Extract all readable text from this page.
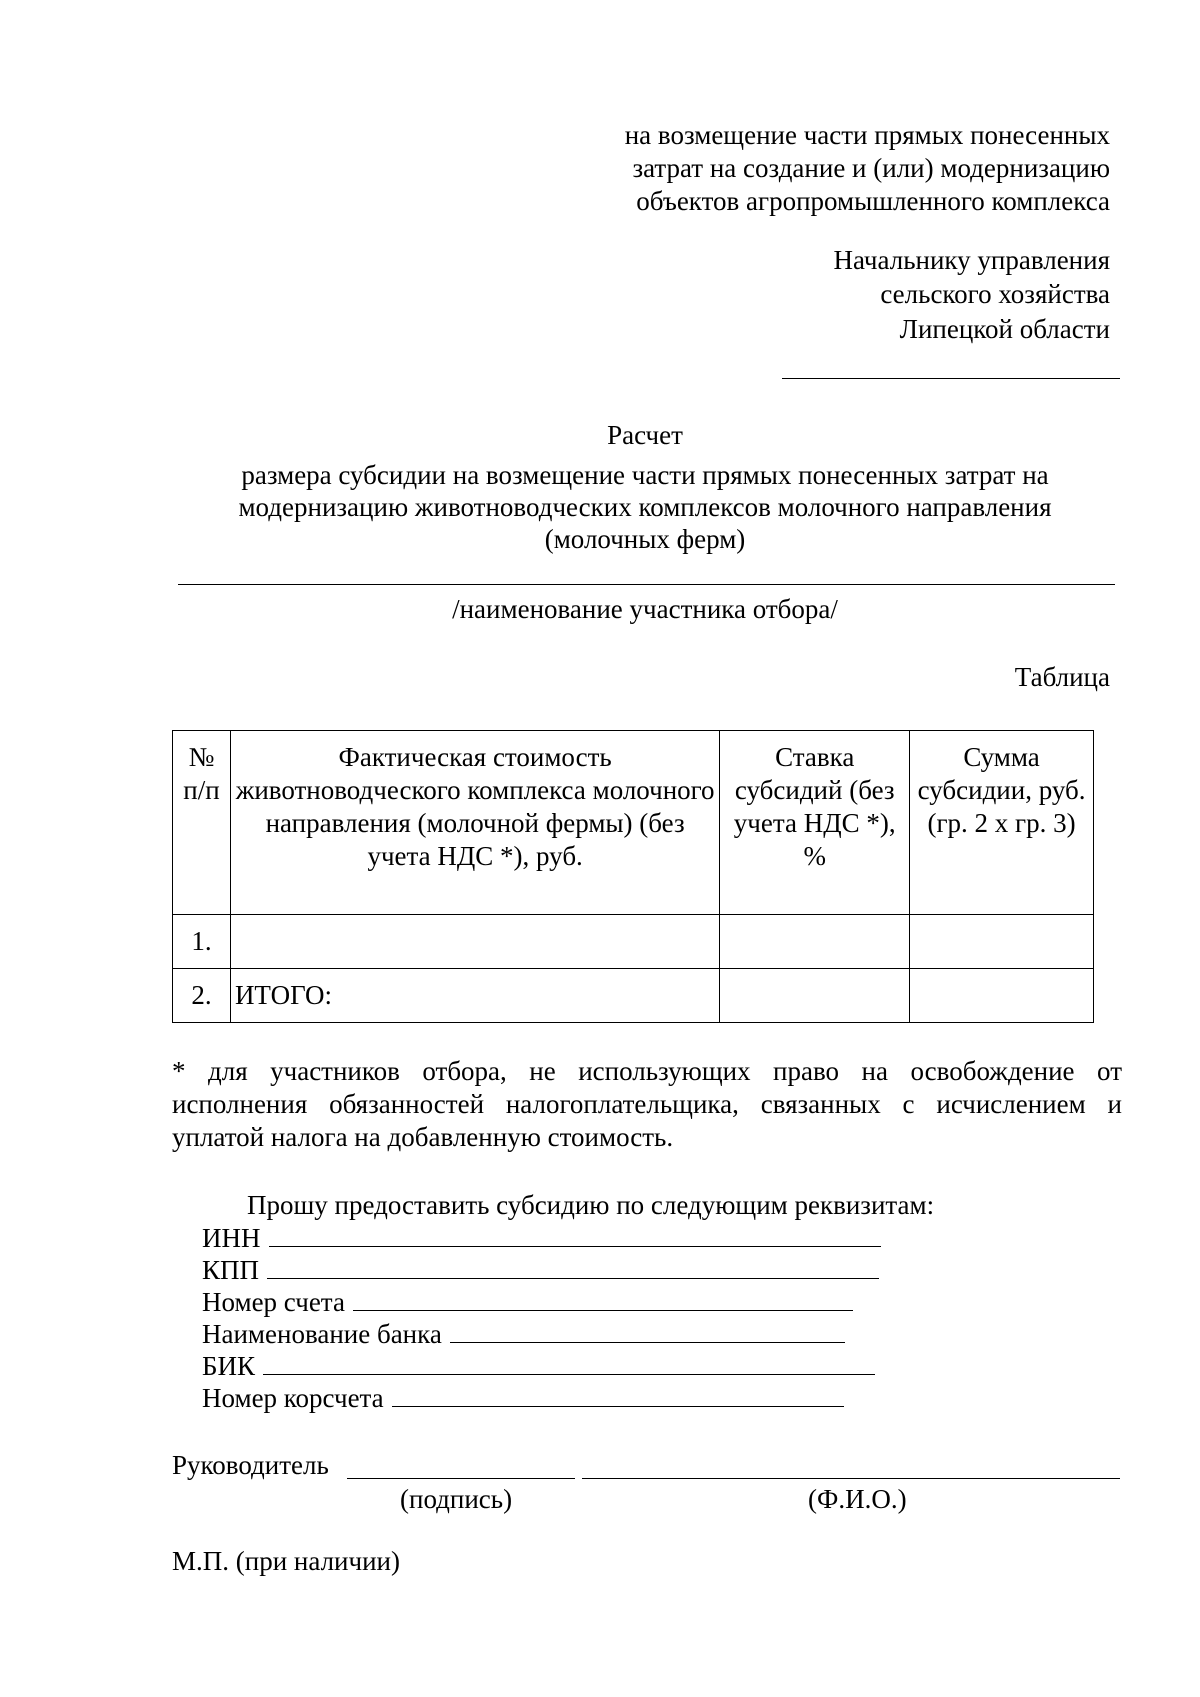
на возмещение части прямых понесенных
затрат на создание и (или) модернизацию
объектов агропромышленного комплекса
Начальнику управления
сельского хозяйства
Липецкой области
Расчет
размера субсидии на возмещение части прямых понесенных затрат на
модернизацию животноводческих комплексов молочного направления
(молочных ферм)
/наименование участника отбора/
Таблица
№ п/п	Фактическая стоимость животноводческого комплекса молочного направления (молочной фермы) (без учета НДС *), руб.	Ставка субсидий (без учета НДС *), %	Сумма субсидии, руб. (гр. 2 х гр. 3)
1.			
2.	ИТОГО:		
* для участников отбора, не использующих право на освобождение от
исполнения обязанностей налогоплательщика, связанных с исчислением и
уплатой налога на добавленную стоимость.
Прошу предоставить субсидию по следующим реквизитам:
ИНН
КПП
Номер счета
Наименование банка
БИК
Номер корсчета
Руководитель
(подпись)	(Ф.И.О.)
М.П. (при наличии)
